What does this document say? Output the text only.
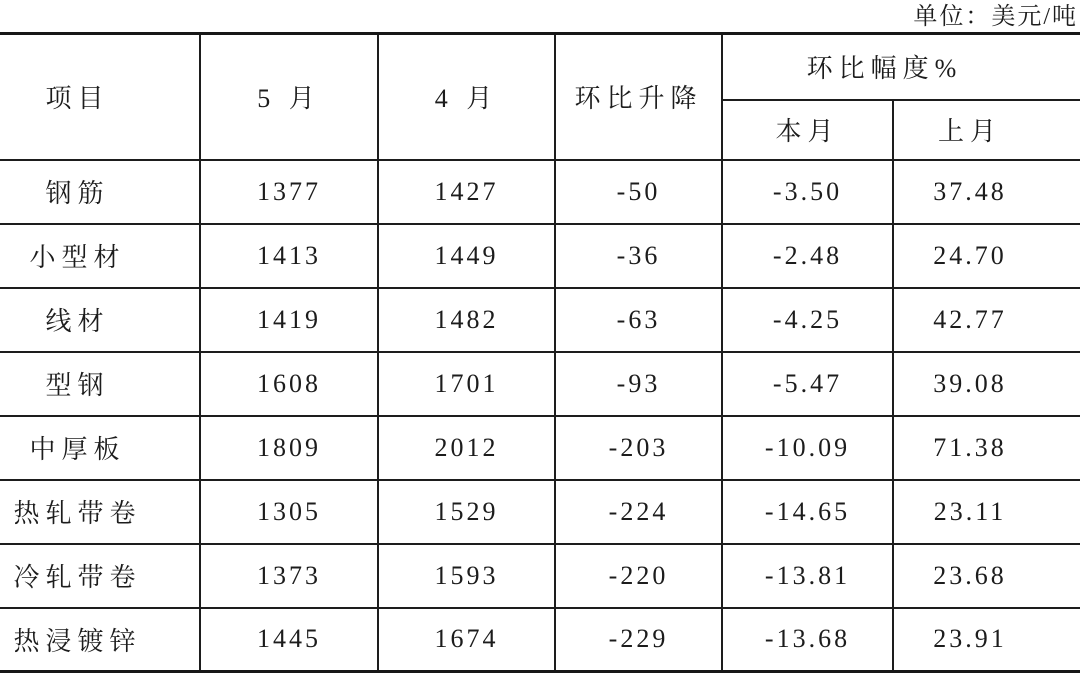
单位：美元/吨
项目	5 月	4 月	环比升降	环比幅度%	
				本月	上月
钢筋	1377	1427	-50	-3.50	37.48
小型材	1413	1449	-36	-2.48	24.70
线材	1419	1482	-63	-4.25	42.77
型钢	1608	1701	-93	-5.47	39.08
中厚板	1809	2012	-203	-10.09	71.38
热轧带卷	1305	1529	-224	-14.65	23.11
冷轧带卷	1373	1593	-220	-13.81	23.68
热浸镀锌	1445	1674	-229	-13.68	23.91
